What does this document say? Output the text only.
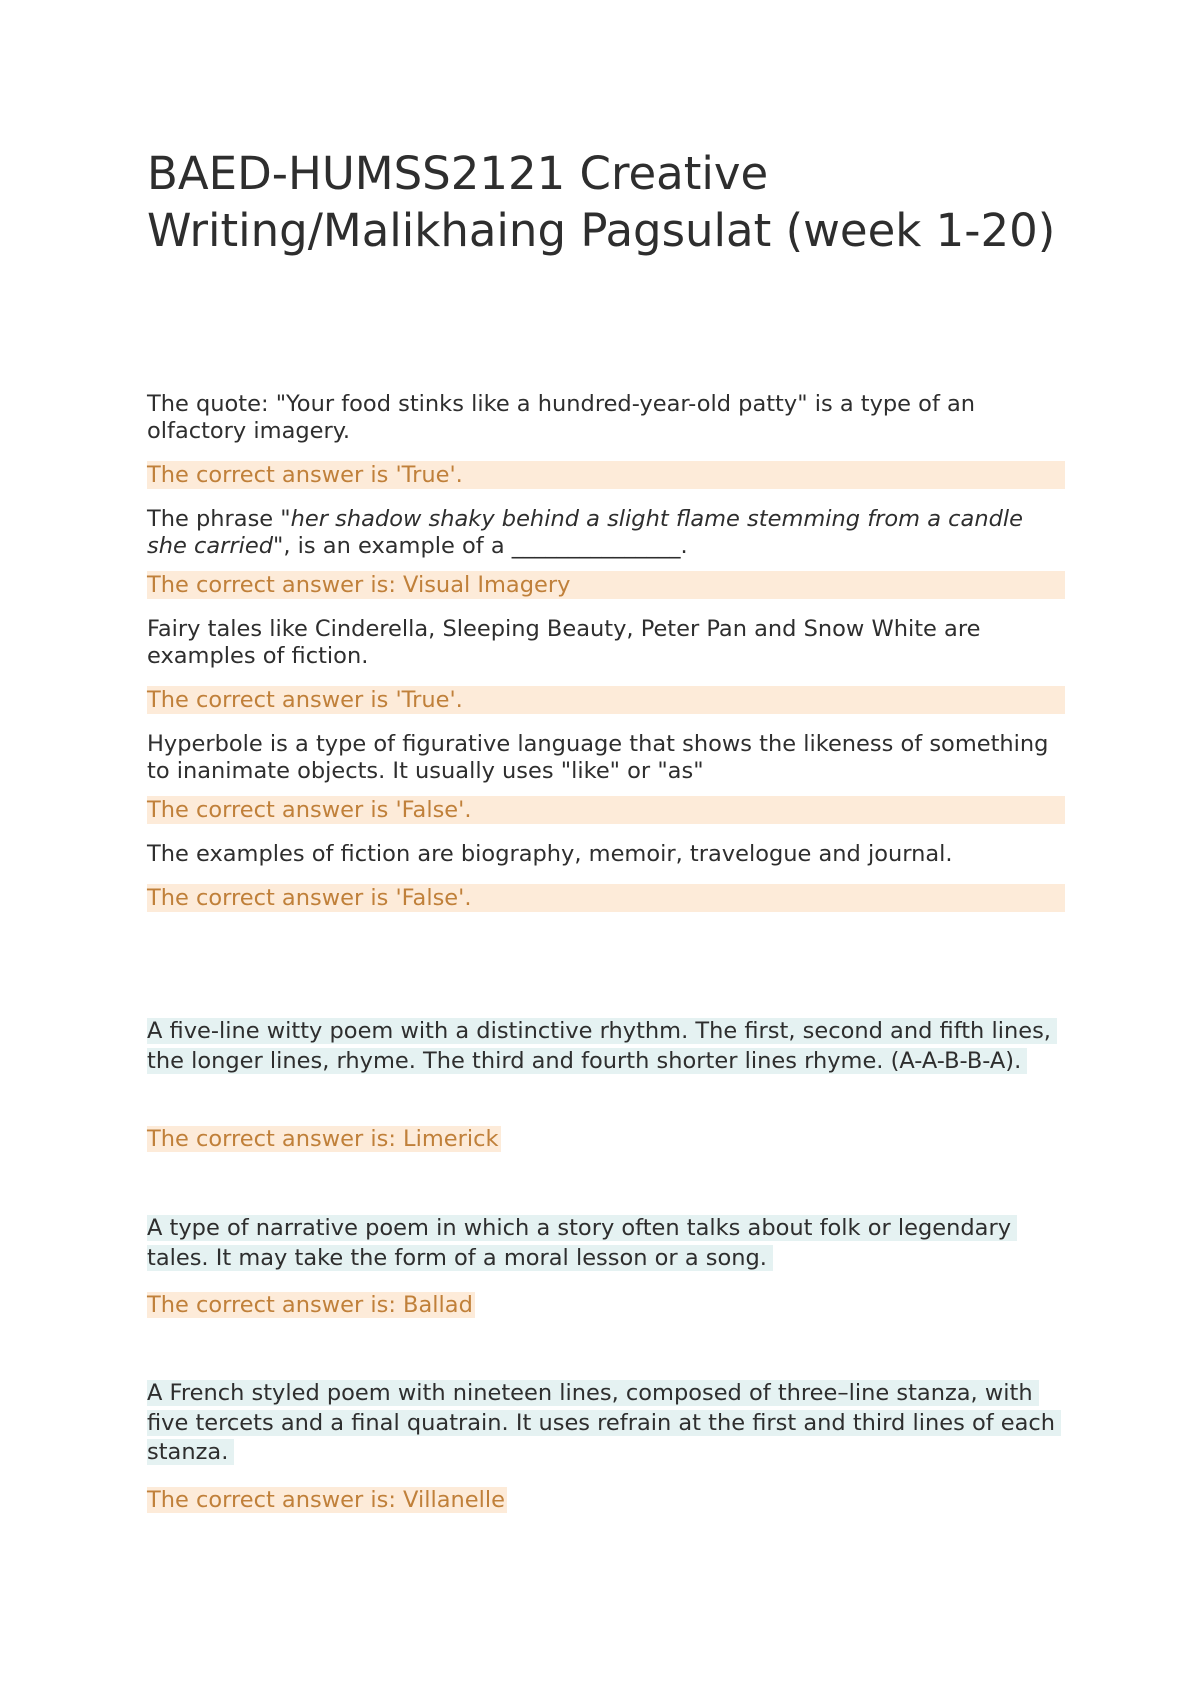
BAED-HUMSS2121 Creative Writing/Malikhaing Pagsulat (week 1-20)

The quote: "Your food stinks like a hundred-year-old patty" is a type of an olfactory imagery.

The correct answer is 'True'.

The phrase "her shadow shaky behind a slight flame stemming from a candle she carried", is an example of a _______________.

The correct answer is: Visual Imagery

Fairy tales like Cinderella, Sleeping Beauty, Peter Pan and Snow White are examples of fiction.

The correct answer is 'True'.

Hyperbole is a type of figurative language that shows the likeness of something to inanimate objects. It usually uses "like" or "as"

The correct answer is 'False'.

The examples of fiction are biography, memoir, travelogue and journal.

The correct answer is 'False'.

A five-line witty poem with a distinctive rhythm. The first, second and fifth lines, the longer lines, rhyme. The third and fourth shorter lines rhyme. (A-A-B-B-A).

The correct answer is: Limerick

A type of narrative poem in which a story often talks about folk or legendary tales. It may take the form of a moral lesson or a song.

The correct answer is: Ballad

A French styled poem with nineteen lines, composed of three–line stanza, with five tercets and a final quatrain. It uses refrain at the first and third lines of each stanza.

The correct answer is: Villanelle
